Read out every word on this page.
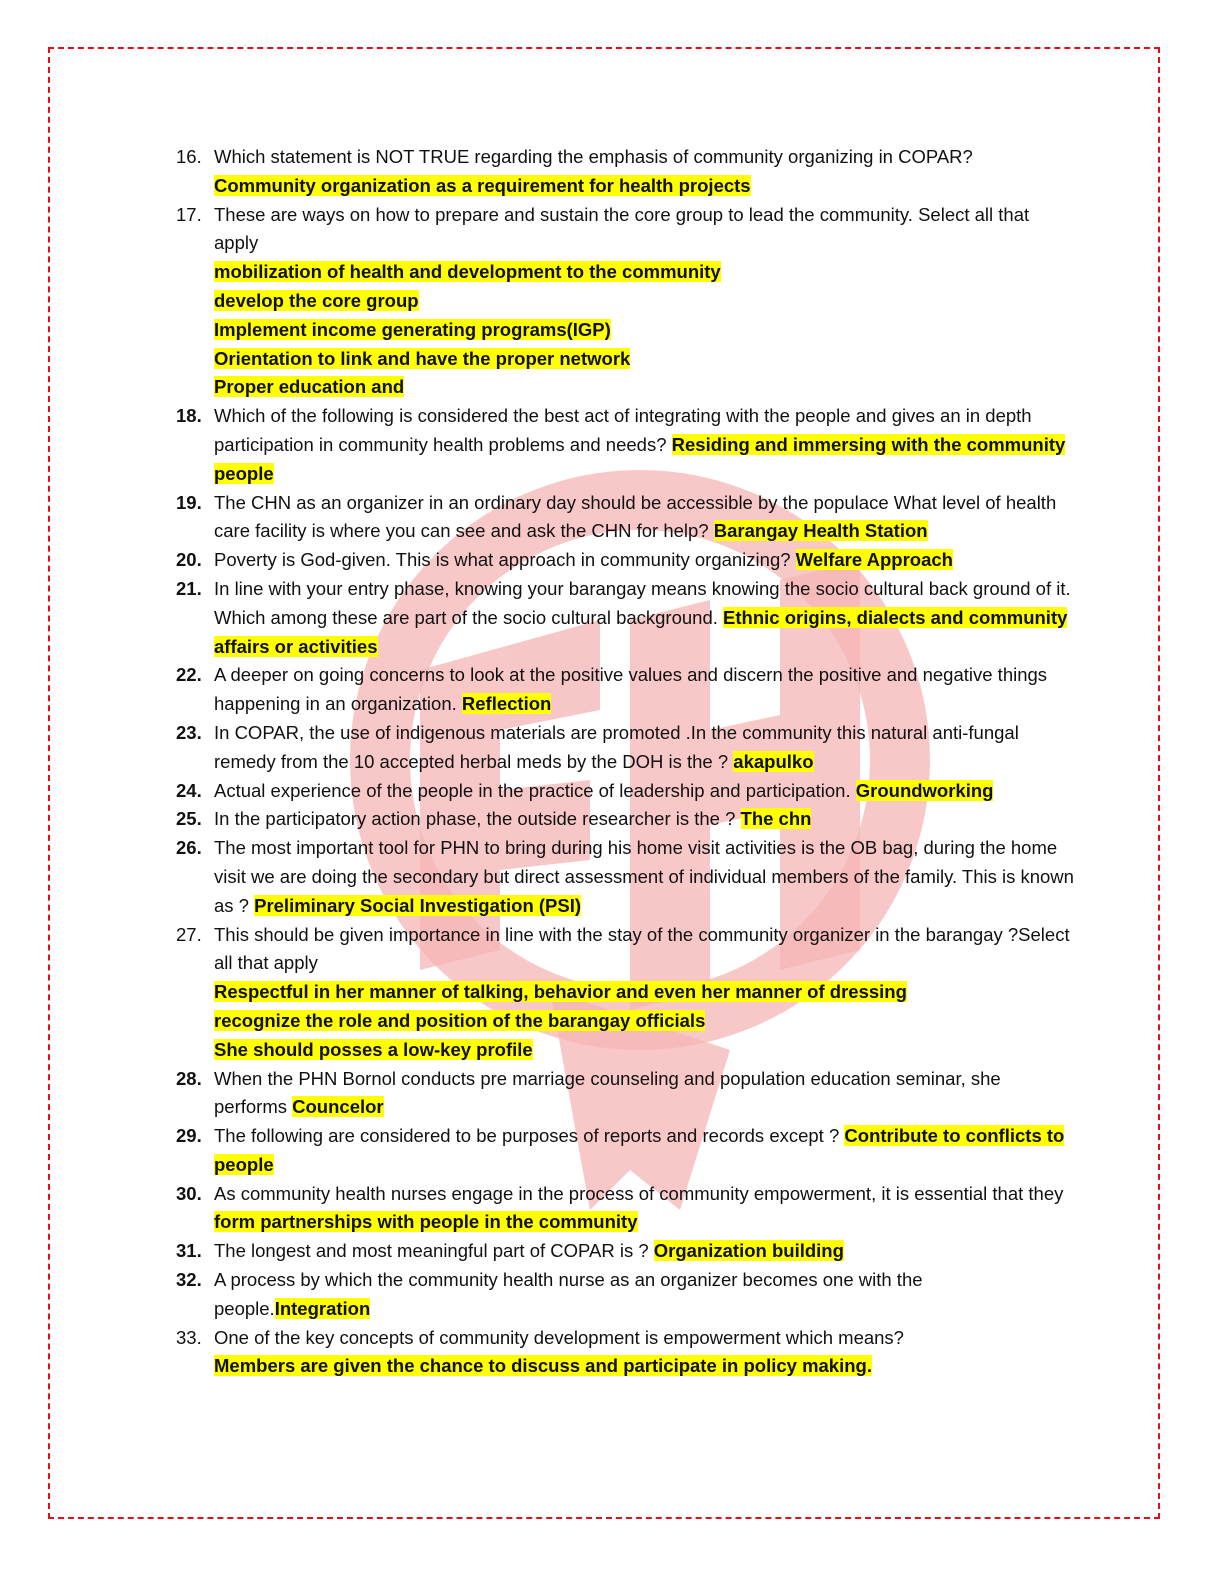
16. Which statement is NOT TRUE regarding the emphasis of community organizing in COPAR?
Community organization as a requirement for health projects
17. These are ways on how to prepare and sustain the core group to lead the community. Select all that apply
mobilization of health and development to the community
develop the core group
Implement income generating programs(IGP)
Orientation to link and have the proper network
Proper education and
18. Which of the following is considered the best act of integrating with the people and gives an in depth participation in community health problems and needs? Residing and immersing with the community people
19. The CHN as an organizer in an ordinary day should be accessible by the populace What level of health care facility is where you can see and ask the CHN for help? Barangay Health Station
20. Poverty is God-given. This is what approach in community organizing? Welfare Approach
21. In line with your entry phase, knowing your barangay means knowing the socio cultural back ground of it. Which among these are part of the socio cultural background. Ethnic origins, dialects and community affairs or activities
22. A deeper on going concerns to look at the positive values and discern the positive and negative things happening in an organization. Reflection
23. In COPAR, the use of indigenous materials are promoted .In the community this natural anti-fungal remedy from the 10 accepted herbal meds by the DOH is the ? akapulko
24. Actual experience of the people in the practice of leadership and participation. Groundworking
25. In the participatory action phase, the outside researcher is the ? The chn
26. The most important tool for PHN to bring during his home visit activities is the OB bag, during the home visit we are doing the secondary but direct assessment of individual members of the family. This is known as ? Preliminary Social Investigation (PSI)
27. This should be given importance in line with the stay of the community organizer in the barangay ?Select all that apply
Respectful in her manner of talking, behavior and even her manner of dressing
recognize the role and position of the barangay officials
She should posses a low-key profile
28. When the PHN Bornol conducts pre marriage counseling and population education seminar, she performs Councelor
29. The following are considered to be purposes of reports and records except ? Contribute to conflicts to people
30. As community health nurses engage in the process of community empowerment, it is essential that they form partnerships with people in the community
31. The longest and most meaningful part of COPAR is ? Organization building
32. A process by which the community health nurse as an organizer becomes one with the people.Integration
33. One of the key concepts of community development is empowerment which means?
Members are given the chance to discuss and participate in policy making.
